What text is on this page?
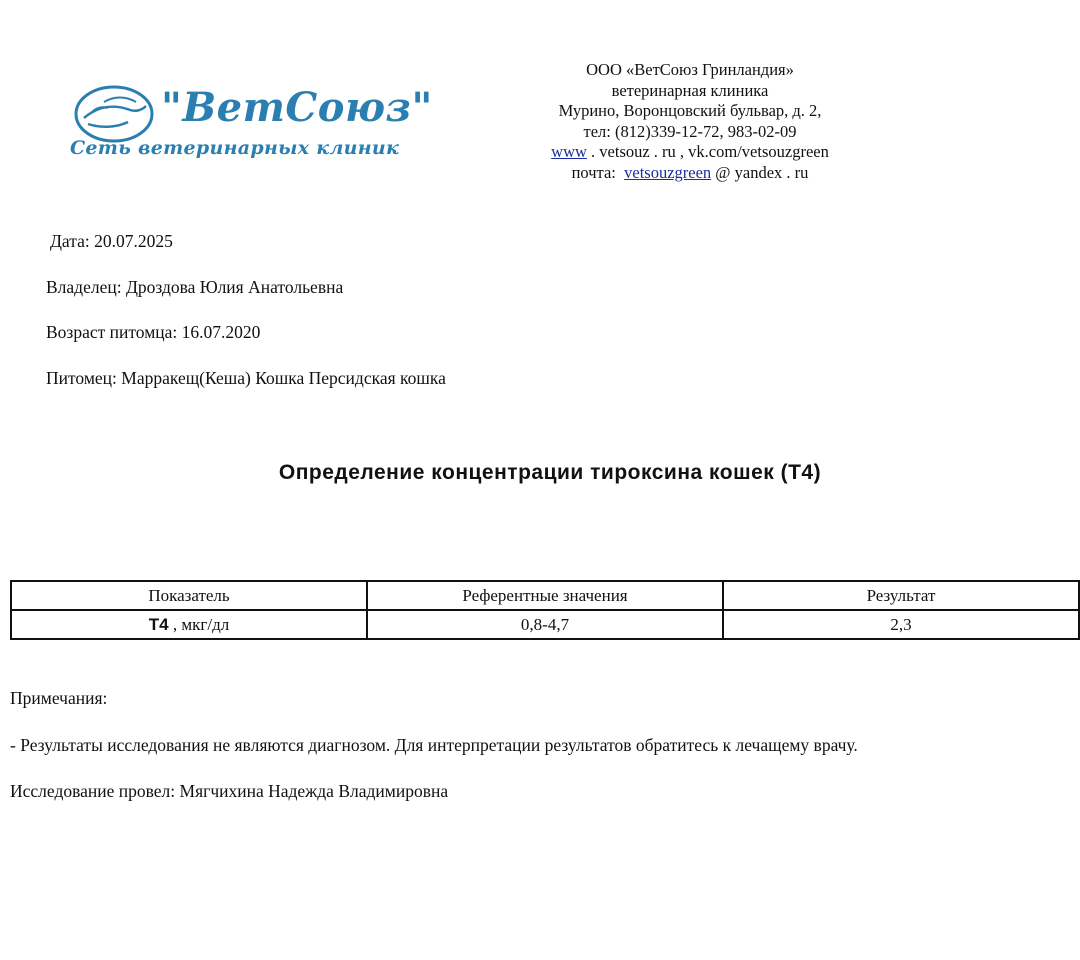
"ВетСоюз"
Сеть ветеринарных клиник
ООО «ВетСоюз Гринландия»
ветеринарная клиника
Мурино, Воронцовский бульвар, д. 2,
тел: (812)339-12-72, 983-02-09
www . vetsouz . ru , vk.com/vetsouzgreen
почта:  vetsouzgreen @ yandex . ru
Дата: 20.07.2025
Владелец: Дроздова Юлия Анатольевна
Возраст питомца: 16.07.2020
Питомец: Марракещ(Кеша) Кошка Персидская кошка
Определение концентрации тироксина кошек (Т4)
Показатель	Референтные значения	Результат
Т4 , мкг/дл	0,8-4,7	2,3
Примечания:
- Результаты исследования не являются диагнозом. Для интерпретации результатов обратитесь к лечащему врачу.
Исследование провел: Мягчихина Надежда Владимировна
